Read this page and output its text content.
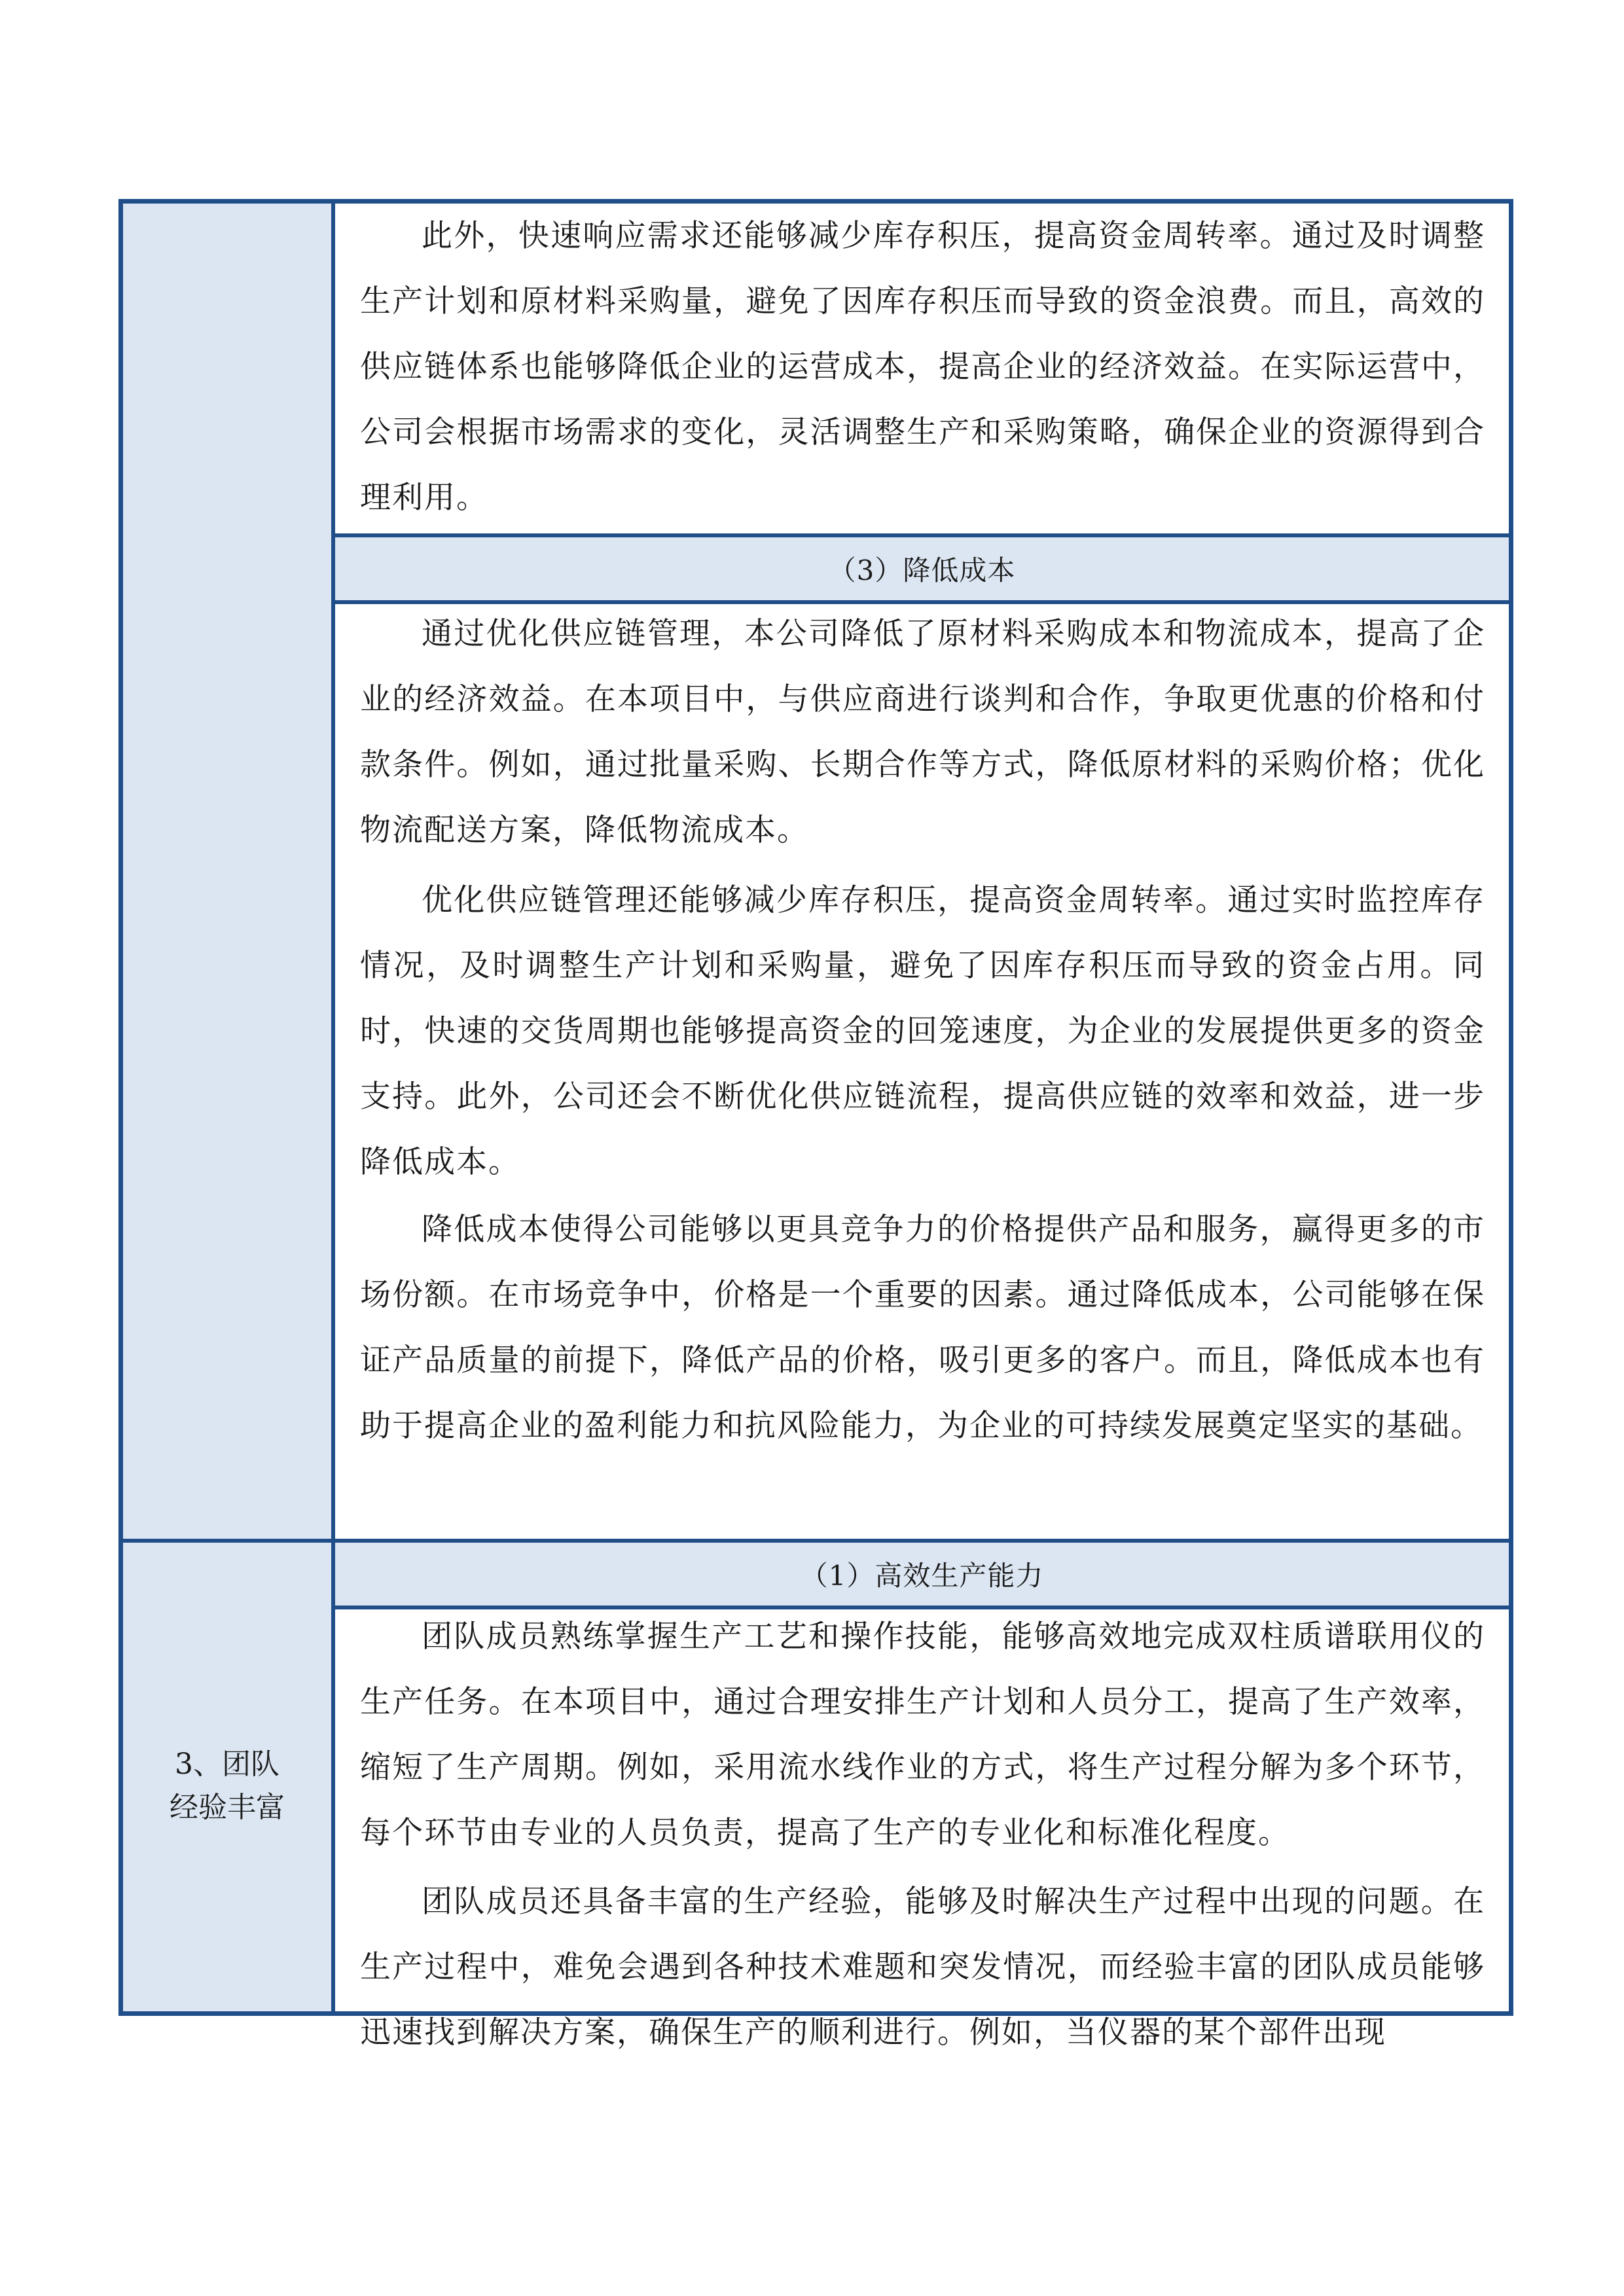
（3）降低成本
（1）高效生产能力

此外，快速响应需求还能够减少库存积压，提高资金周转率。通过及时调整生产计划和原材料采购量，避免了因库存积压而导致的资金浪费。而且，高效的供应链体系也能够降低企业的运营成本，提高企业的经济效益。在实际运营中，公司会根据市场需求的变化，灵活调整生产和采购策略，确保企业的资源得到合理利用。

通过优化供应链管理，本公司降低了原材料采购成本和物流成本，提高了企业的经济效益。在本项目中，与供应商进行谈判和合作，争取更优惠的价格和付款条件。例如，通过批量采购、长期合作等方式，降低原材料的采购价格；优化物流配送方案，降低物流成本。

优化供应链管理还能够减少库存积压，提高资金周转率。通过实时监控库存情况，及时调整生产计划和采购量，避免了因库存积压而导致的资金占用。同时，快速的交货周期也能够提高资金的回笼速度，为企业的发展提供更多的资金支持。此外，公司还会不断优化供应链流程，提高供应链的效率和效益，进一步降低成本。

降低成本使得公司能够以更具竞争力的价格提供产品和服务，赢得更多的市场份额。在市场竞争中，价格是一个重要的因素。通过降低成本，公司能够在保证产品质量的前提下，降低产品的价格，吸引更多的客户。而且，降低成本也有助于提高企业的盈利能力和抗风险能力，为企业的可持续发展奠定坚实的基础。

3、团队经验丰富

团队成员熟练掌握生产工艺和操作技能，能够高效地完成双柱质谱联用仪的生产任务。在本项目中，通过合理安排生产计划和人员分工，提高了生产效率，缩短了生产周期。例如，采用流水线作业的方式，将生产过程分解为多个环节，每个环节由专业的人员负责，提高了生产的专业化和标准化程度。

团队成员还具备丰富的生产经验，能够及时解决生产过程中出现的问题。在生产过程中，难免会遇到各种技术难题和突发情况，而经验丰富的团队成员能够迅速找到解决方案，确保生产的顺利进行。例如，当仪器的某个部件出现
